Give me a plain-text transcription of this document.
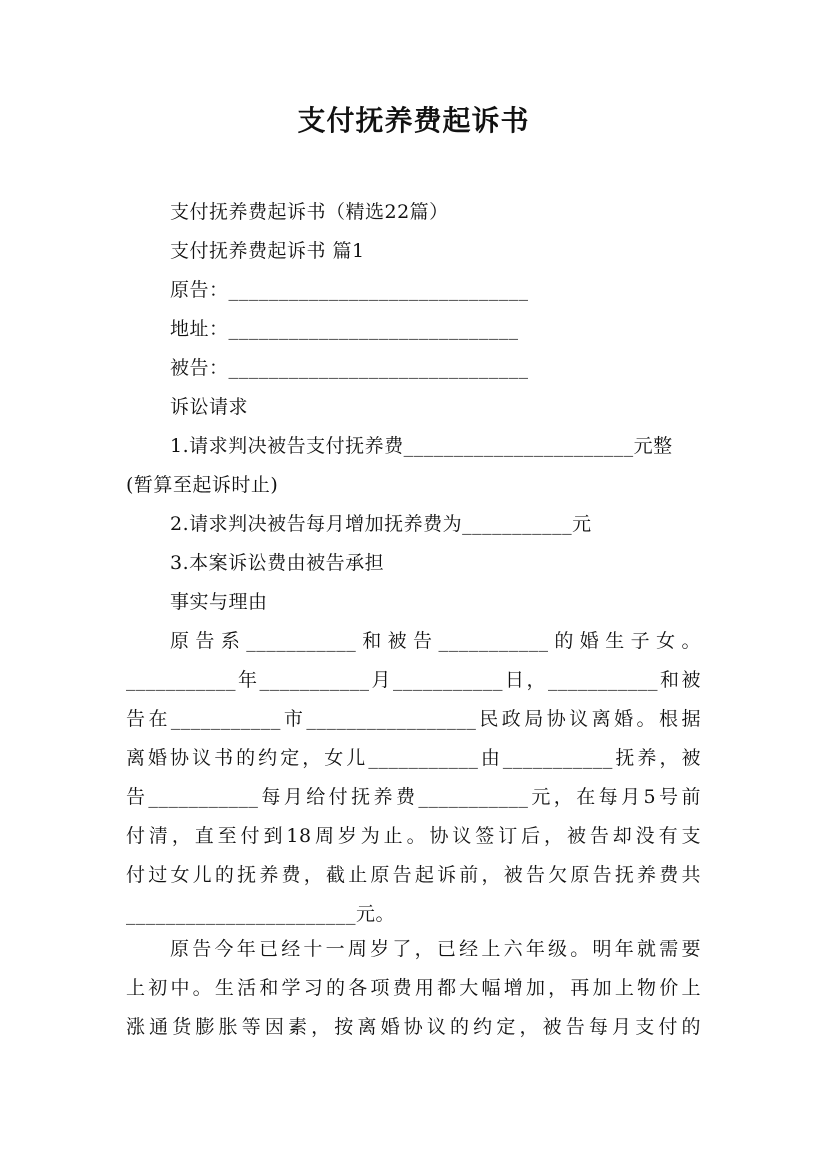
支付抚养费起诉书
支付抚养费起诉书（精选22篇）
支付抚养费起诉书 篇1
原告：______________________________
地址：_____________________________
被告：______________________________
诉讼请求
1.请求判决被告支付抚养费_______________________元整
(暂算至起诉时止)
2.请求判决被告每月增加抚养费为___________元
3.本案诉讼费由被告承担
事实与理由
原告系___________和被告___________的婚生子女。
___________年___________月___________日，___________和被
告在___________市_________________民政局协议离婚。根据
离婚协议书的约定，女儿___________由___________抚养，被
告___________每月给付抚养费___________元，在每月5号前
付清，直至付到18周岁为止。协议签订后，被告却没有支
付过女儿的抚养费，截止原告起诉前，被告欠原告抚养费共
_______________________元。
原告今年已经十一周岁了，已经上六年级。明年就需要
上初中。生活和学习的各项费用都大幅增加，再加上物价上
涨通货膨胀等因素，按离婚协议的约定，被告每月支付的
